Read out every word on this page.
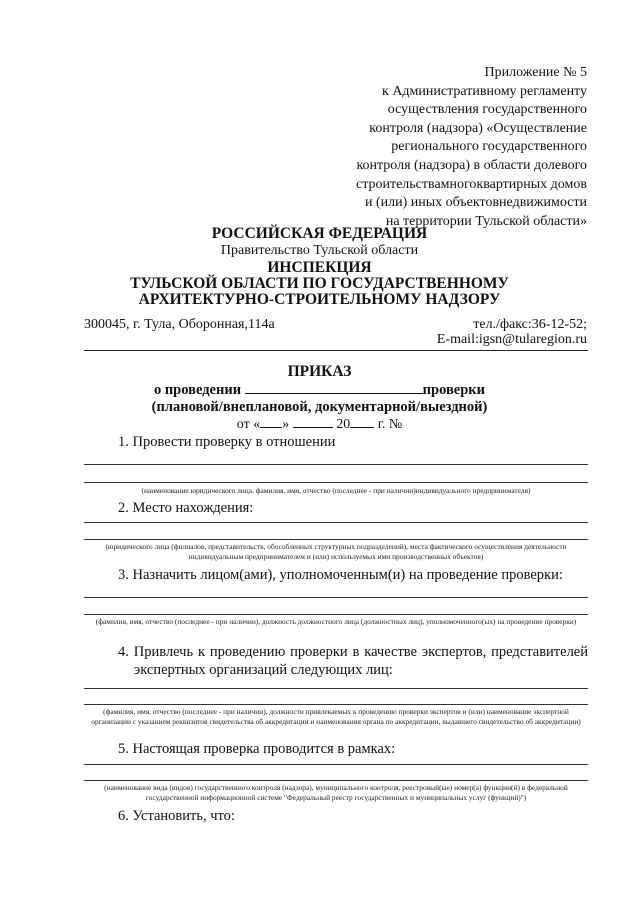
Приложение № 5
к Административному регламенту
осуществления государственного
контроля (надзора) «Осуществление
регионального государственного
контроля (надзора) в области долевого
строительствамногоквартирных домов
и (или) иных объектовнедвижимости
на территории Тульской области»
РОССИЙСКАЯ ФЕДЕРАЦИЯ
Правительство Тульской области
ИНСПЕКЦИЯ
ТУЛЬСКОЙ ОБЛАСТИ ПО ГОСУДАРСТВЕННОМУ
АРХИТЕКТУРНО-СТРОИТЕЛЬНОМУ НАДЗОРУ
300045, г. Тула, Оборонная,114а	тел./факс:36-12-52;
E-mail:igsn@tularegion.ru
ПРИКАЗ
о проведении	проверки
(плановой/внеплановой, документарной/выездной)
от « »	20 г. №
1. Провести проверку в отношении
(наименование юридического лица, фамилия, имя, отчество (последнее - при наличии)индивидуального предпринимателя)
2. Место нахождения:
(юридического лица (филиалов, представительств, обособленных структурных подразделений), места фактического осуществления деятельности индивидуальным предпринимателем и (или) используемых ими производственных объектов)
3. Назначить лицом(ами), уполномоченным(и) на проведение проверки:
(фамилия, имя, отчество (последнее - при наличии), должность должностного лица (должностных лиц), уполномоченного(ых) на проведение проверки)
4. Привлечь к проведению проверки в качестве экспертов, представителей
экспертных организаций следующих лиц:
(фамилия, имя, отчество (последнее - при наличии), должности привлекаемых к проведению проверки экспертов и (или) наименование экспертной организации с указанием реквизитов свидетельства об аккредитации и наименования органа по аккредитации, выдавшего свидетельство об аккредитации)
5. Настоящая проверка проводится в рамках:
(наименование вида (видов) государственного контроля (надзора), муниципального контроля, реестровый(ые) номер(а) функции(й) в федеральной государственной информационной системе "Федеральный реестр государственных и муниципальных услуг (функций)")
6. Установить, что:
